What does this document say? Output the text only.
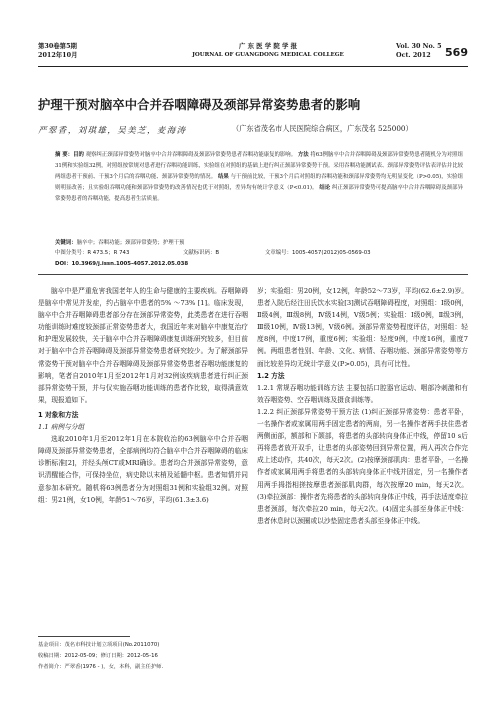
第30卷第5期
2012年10月
广 东 医 学 院 学 报
JOURNAL OF GUANGDONG MEDICAL COLLEGE
Vol. 30 No. 5
Oct. 2012	569
护理干预对脑卒中合并吞咽障碍及颈部异常姿势患者的影响
严翠香，刘琪雄，吴美芝，麦海涛	（广东省茂名市人民医院综合病区，广东茂名 525000）
摘 要：目的 观察纠正颈部异常姿势对脑卒中合并吞咽障碍及颈部异常姿势患者吞咽功能康复的影响。 方法 将63例脑卒中合并吞咽障碍及颈部异常姿势患者随机分为对照组31例和实验组32例，对照组按常规对患者进行吞咽功能训练，实验组在对照组的基础上进行纠正颈部异常姿势干预。采用吞咽功能测试表、颈部异常姿势评估表评估并比较两组患者干预前、干预3个月后的吞咽功能、颈部异常姿势的情况。 结果 与干预前比较，干预3个月后对照组的吞咽功能和颈部异常姿势均无明显变化（P>0.05)，实验组则明显改善；且实验组吞咽功能和颈部异常姿势的改善情况也优于对照组，差异均有统计学意义（P<0.01)。 结论 纠正颈部异常姿势可提高脑卒中合并吞咽障碍及颈部异常姿势患者的吞咽功能，提高患者生活质量。
关键词：脑卒中；吞咽功能；颈部异常姿势；护理干预
中图分类号：R 473.5；R 743	文献标识码：B	文章编号：1005-4057(2012)05-0569-03
DOI：10.3969/j.issn.1005-4057.2012.05.038

脑卒中是严重危害我国老年人的生命与健康的主要疾病。吞咽障碍是脑卒中常见并发症，约占脑卒中患者的5% ～73% [1]。临床发现，脑卒中合并吞咽障碍患者部分存在颈部异常姿势，此类患者在进行吞咽功能训练时难度较颈部正常姿势患者大，我国近年来对脑卒中康复治疗和护理发展较快，关于脑卒中合并吞咽障碍康复训练研究较多，但目前对于脑卒中合并吞咽障碍及颈部异常姿势患者研究较少。为了解颈部异常姿势干预对脑卒中合并吞咽障碍及颈部异常姿势患者吞咽功能康复的影响，笔者自2010年1月至2012年1月对32例该疾病患者进行纠正颈部异常姿势干预，并与仅实施吞咽功能训练的患者作比较，取得满意效果，现报道如下。

1 对象和方法

1.1 病例与分组

选取2010年1月至2012年1月在本院收治的63例脑卒中合并吞咽障碍及颈部异常姿势患者，全部病例均符合脑卒中合并吞咽障碍的临床诊断标准[2]，并经头颅CT或MRI确诊。患者均合并颈部异常姿势，意识清醒能合作，可保持坐位，病史除以末梢及延髓中枢。患者知情并同意参加本研究。随机将63例患者分为对照组31例和实验组32例。对照组：男21例，女10例，年龄51～76岁，平均(61.3±3.6)

岁；实验组：男20例，女12例，年龄52～73岁，平均(62.6±2.9)岁。患者入院后经注田氏饮水实验[3]测试吞咽障碍程度，对照组：Ⅰ级0例，Ⅱ级4例，Ⅲ级8例，Ⅳ级14例，Ⅴ级5例；实验组：Ⅰ级0例，Ⅱ级3例，Ⅲ级10例，Ⅳ级13例，Ⅴ级6例。颈部异常姿势程度评估，对照组：轻度8例，中度17例，重度6例；实验组：轻度9例，中度16例，重度7例。两组患者性别、年龄、文化、病情、吞咽功能、颈部异常姿势等方面比较差异均无统计学意义(P>0.05)，具有可比性。

1.2 方法

1.2.1 常规吞咽功能训练方法 主要包括口腔器官运动、咽部冷刺激和有效吞咽姿势、空吞咽训练及摄食训练等。

1.2.2 纠正颈部异常姿势干预方法 (1)纠正颈部异常姿势：患者平卧，一名操作者或家属用两手固定患者的两肩，另一名操作者两手扶住患者两侧面部，额部和下颌部，将患者的头部转向身体正中线，停留10 s后再将患者放开双手，让患者的头部姿势回到异常位置，两人再次合作完成上述动作，共40次，每天2次。(2)按摩颈部肌肉：患者平卧，一名操作者或家属用两手将患者的头部转向身体正中线并固定，另一名操作者用两手拇指相搓按摩患者颈部肌肉群，每次按摩20 min，每天2次。(3)牵拉颈部：操作者先将患者的头部转向身体正中线，再手法适度牵拉患者颈部，每次牵拉20 min，每天2次。(4)固定头部至身体正中线：患者休息时以颈圈或以沙垫固定患者头部至身体正中线。

基金项目：茂名市科技计划立项项目(No.2011070)
收稿日期：2012-05-09；修订日期：2012-05-16
作者简介：严翠香(1976 - )，女，本科，副主任护师.
